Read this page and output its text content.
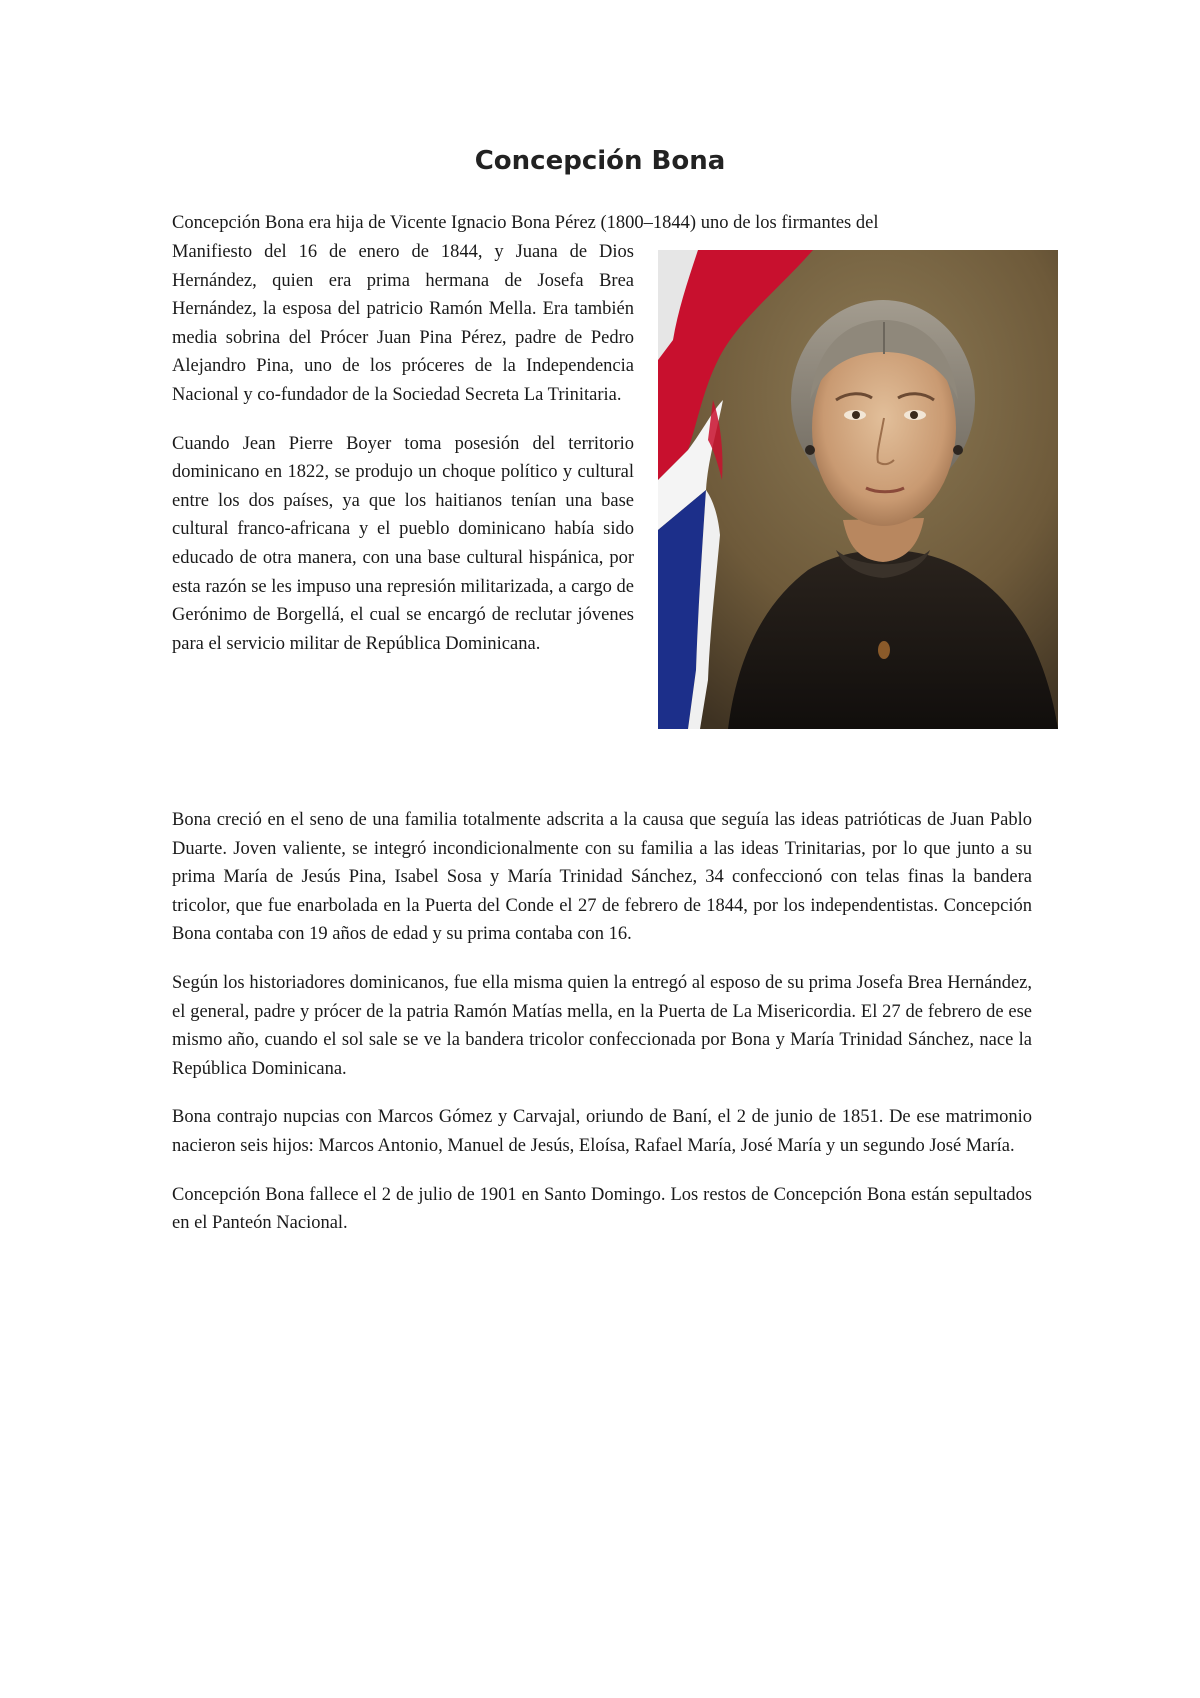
Concepción Bona

Concepción Bona era hija de Vicente Ignacio Bona Pérez (1800–1844) uno de los firmantes del

Manifiesto del 16 de enero de 1844, y Juana de Dios Hernández, quien era prima hermana de Josefa Brea Hernández, la esposa del patricio Ramón Mella. Era también media sobrina del Prócer Juan Pina Pérez, padre de Pedro Alejandro Pina, uno de los próceres de la Independencia Nacional y co-fundador de la Sociedad Secreta La Trinitaria.

Cuando Jean Pierre Boyer toma posesión del territorio dominicano en 1822, se produjo un choque político y cultural entre los dos países, ya que los haitianos tenían una base cultural franco-africana y el pueblo dominicano había sido educado de otra manera, con una base cultural hispánica, por esta razón se les impuso una represión militarizada, a cargo de Gerónimo de Borgellá, el cual se encargó de reclutar jóvenes para el servicio militar de República Dominicana.

Bona creció en el seno de una familia totalmente adscrita a la causa que seguía las ideas patrióticas de Juan Pablo Duarte. Joven valiente, se integró incondicionalmente con su familia a las ideas Trinitarias, por lo que junto a su prima María de Jesús Pina, Isabel Sosa y María Trinidad Sánchez, 34 confeccionó con telas finas la bandera tricolor, que fue enarbolada en la Puerta del Conde el 27 de febrero de 1844, por los independentistas. Concepción Bona contaba con 19 años de edad y su prima contaba con 16.

Según los historiadores dominicanos, fue ella misma quien la entregó al esposo de su prima Josefa Brea Hernández, el general, padre y prócer de la patria Ramón Matías mella, en la Puerta de La Misericordia. El 27 de febrero de ese mismo año, cuando el sol sale se ve la bandera tricolor confeccionada por Bona y María Trinidad Sánchez, nace la República Dominicana.

Bona contrajo nupcias con Marcos Gómez y Carvajal, oriundo de Baní, el 2 de junio de 1851. De ese matrimonio nacieron seis hijos: Marcos Antonio, Manuel de Jesús, Eloísa, Rafael María, José María y un segundo José María.

Concepción Bona fallece el 2 de julio de 1901 en Santo Domingo. Los restos de Concepción Bona están sepultados en el Panteón Nacional.
